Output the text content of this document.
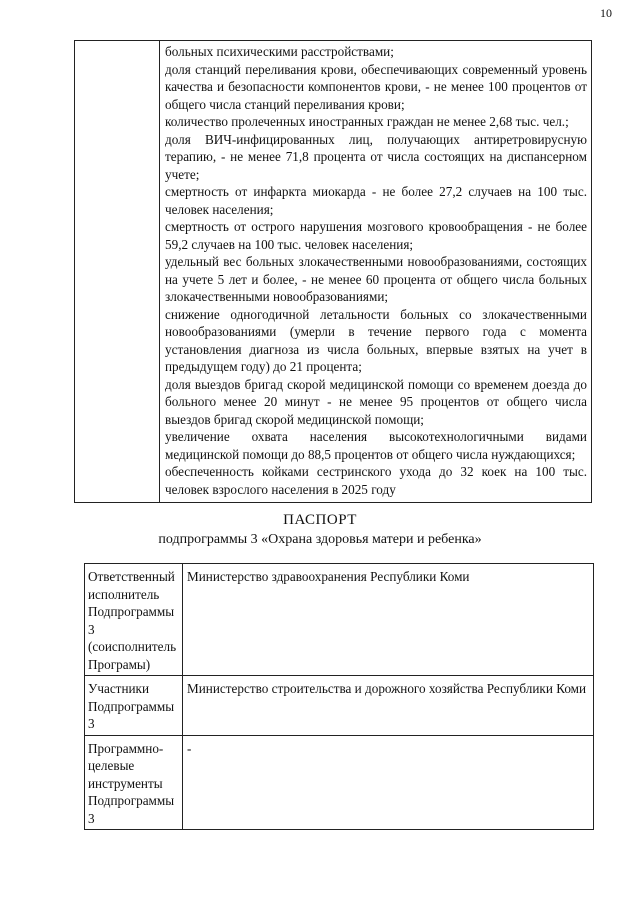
10

больных психическими расстройствами;

доля станций переливания крови, обеспечивающих современный уровень качества и безопасности компонентов крови, - не менее 100 процентов от общего числа станций переливания крови;

количество пролеченных иностранных граждан не менее 2,68 тыс. чел.;

доля ВИЧ-инфицированных лиц, получающих антиретровирусную терапию, - не менее 71,8 процента от числа состоящих на диспансерном учете;

смертность от инфаркта миокарда - не более 27,2 случаев на 100 тыс. человек населения;

смертность от острого нарушения мозгового кровообращения - не более 59,2 случаев на 100 тыс. человек населения;

удельный вес больных злокачественными новообразованиями, состоящих на учете 5 лет и более, - не менее 60 процента от общего числа больных злокачественными новообразованиями;

снижение одногодичной летальности больных со злокачественными новообразованиями (умерли в течение первого года с момента установления диагноза из числа больных, впервые взятых на учет в предыдущем году) до 21 процента;

доля выездов бригад скорой медицинской помощи со временем доезда до больного менее 20 минут - не менее 95 процентов от общего числа выездов бригад скорой медицинской помощи;

увеличение охвата населения высокотехнологичными видами медицинской помощи до 88,5 процентов от общего числа нуждающихся;

обеспеченность койками сестринского ухода до 32 коек на 100 тыс. человек взрослого населения в 2025 году

ПАСПОРТ
подпрограммы 3 «Охрана здоровья матери и ребенка»
Ответственный исполнитель Подпрограммы 3 (соисполнитель Програмы)	Министерство здравоохранения Республики Коми
Участники Подпрограммы 3	Министерство строительства и дорожного хозяйства Республики Коми
Программно-целевые инструменты Подпрограммы 3	-
